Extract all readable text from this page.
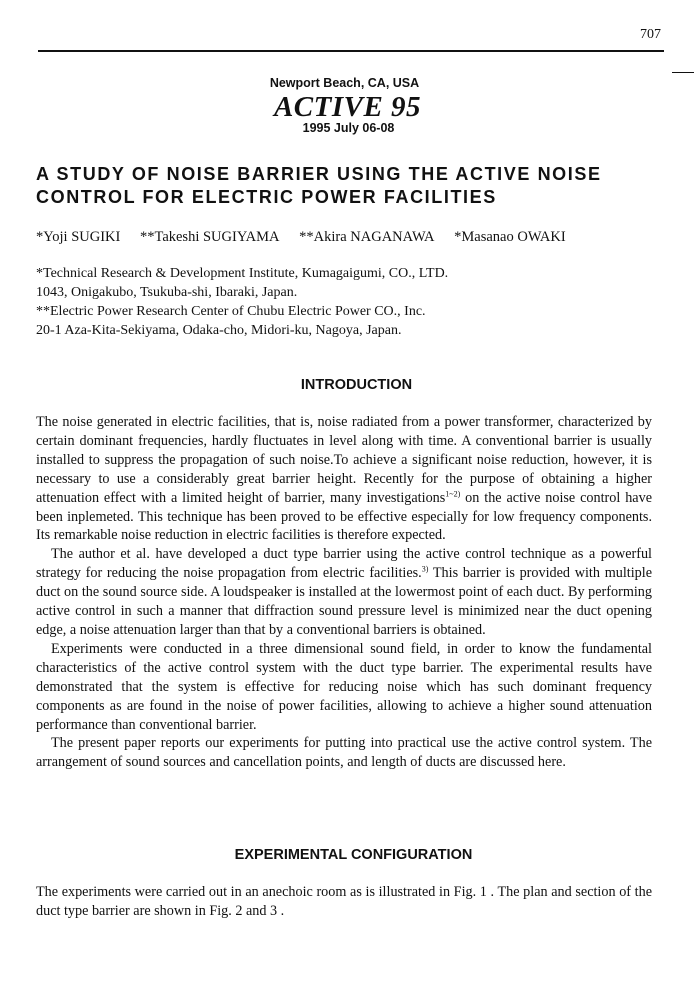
707
Newport Beach, CA, USA
ACTIVE 95
1995 July 06-08
A STUDY OF NOISE BARRIER USING THE ACTIVE NOISE CONTROL FOR ELECTRIC POWER FACILITIES
*Yoji SUGIKI **Takeshi SUGIYAMA **Akira NAGANAWA *Masanao OWAKI
*Technical Research & Development Institute, Kumagaigumi, CO., LTD.
1043, Onigakubo, Tsukuba-shi, Ibaraki, Japan.
**Electric Power Research Center of Chubu Electric Power CO., Inc.
20-1 Aza-Kita-Sekiyama, Odaka-cho, Midori-ku, Nagoya, Japan.
INTRODUCTION

The noise generated in electric facilities, that is, noise radiated from a power transformer, characterized by certain dominant frequencies, hardly fluctuates in level along with time. A conventional barrier is usually installed to suppress the propagation of such noise.To achieve a significant noise reduction, however, it is necessary to use a considerably great barrier height. Recently for the purpose of obtaining a higher attenuation effect with a limited height of barrier, many investigations$^{1\sim 2)}$ on the active noise control have been inplemeted. This technique has been proved to be effective especially for low frequency components. Its remarkable noise reduction in electric facilities is therefore expected.

The author et al. have developed a duct type barrier using the active control technique as a powerful strategy for reducing the noise propagation from electric facilities.$^{3)}$ This barrier is provided with multiple duct on the sound source side. A loudspeaker is installed at the lowermost point of each duct. By performing active control in such a manner that diffraction sound pressure level is minimized near the duct opening edge, a noise attenuation larger than that by a conventional barriers is obtained.

Experiments were conducted in a three dimensional sound field, in order to know the fundamental characteristics of the active control system with the duct type barrier. The experimental results have demonstrated that the system is effective for reducing noise which has such dominant frequency components as are found in the noise of power facilities, allowing to achieve a higher sound attenuation performance than conventional barrier.

The present paper reports our experiments for putting into practical use the active control system. The arrangement of sound sources and cancellation points, and length of ducts are discussed here.

EXPERIMENTAL CONFIGURATION

The experiments were carried out in an anechoic room as is illustrated in Fig. 1 . The plan and section of the duct type barrier are shown in Fig. 2 and 3 .
